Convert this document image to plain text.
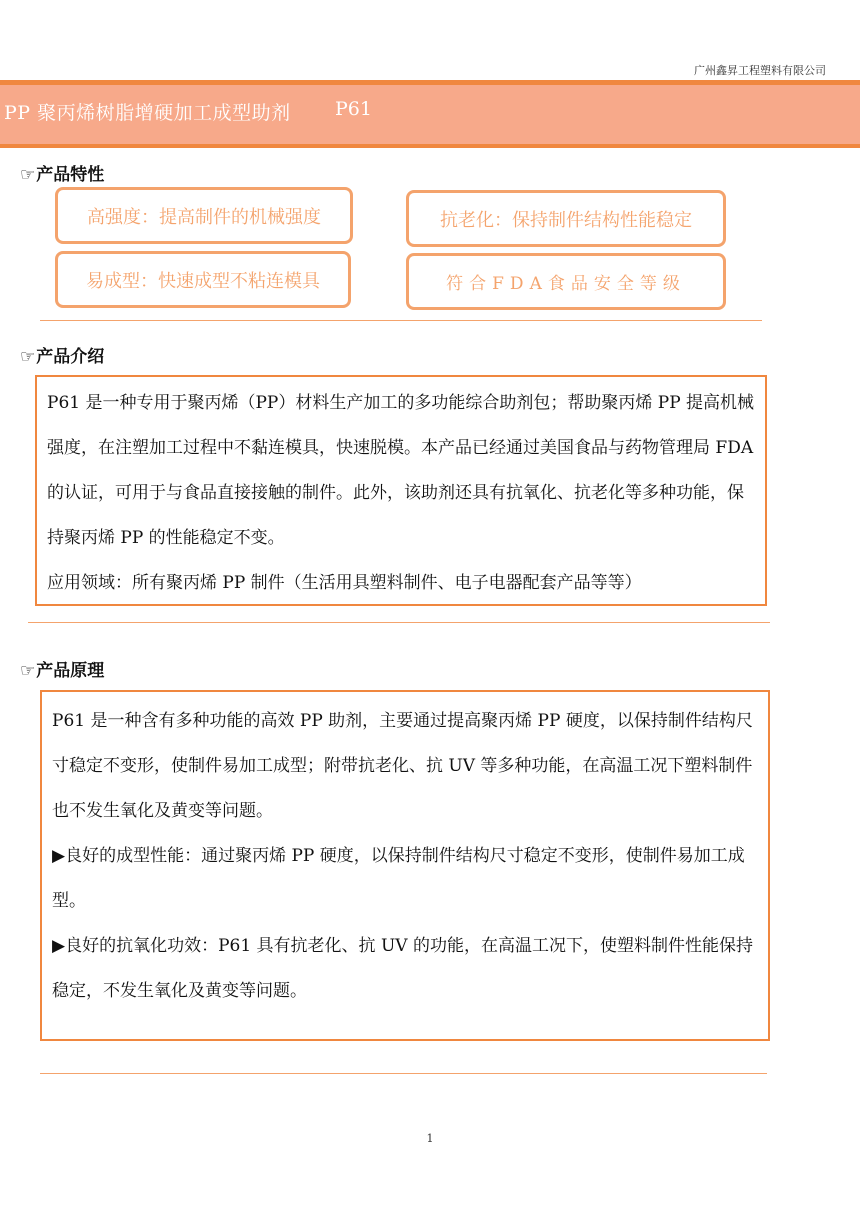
广州鑫昇工程塑料有限公司
PP 聚丙烯树脂增硬加工成型助剂 P61
☞产品特性
高强度：提高制件的机械强度	抗老化：保持制件结构性能稳定
易成型：快速成型不粘连模具	符合FDA食品安全等级
☞产品介绍

P61 是一种专用于聚丙烯（PP）材料生产加工的多功能综合助剂包；帮助聚丙烯 PP 提高机械强度，在注塑加工过程中不黏连模具，快速脱模。本产品已经通过美国食品与药物管理局 FDA 的认证，可用于与食品直接接触的制件。此外，该助剂还具有抗氧化、抗老化等多种功能，保持聚丙烯 PP 的性能稳定不变。

应用领域：所有聚丙烯 PP 制件（生活用具塑料制件、电子电器配套产品等等）

☞产品原理

P61 是一种含有多种功能的高效 PP 助剂，主要通过提高聚丙烯 PP 硬度，以保持制件结构尺寸稳定不变形，使制件易加工成型；附带抗老化、抗 UV 等多种功能，在高温工况下塑料制件也不发生氧化及黄变等问题。

▶良好的成型性能：通过聚丙烯 PP 硬度，以保持制件结构尺寸稳定不变形，使制件易加工成型。

▶良好的抗氧化功效：P61 具有抗老化、抗 UV 的功能，在高温工况下，使塑料制件性能保持稳定，不发生氧化及黄变等问题。

1
